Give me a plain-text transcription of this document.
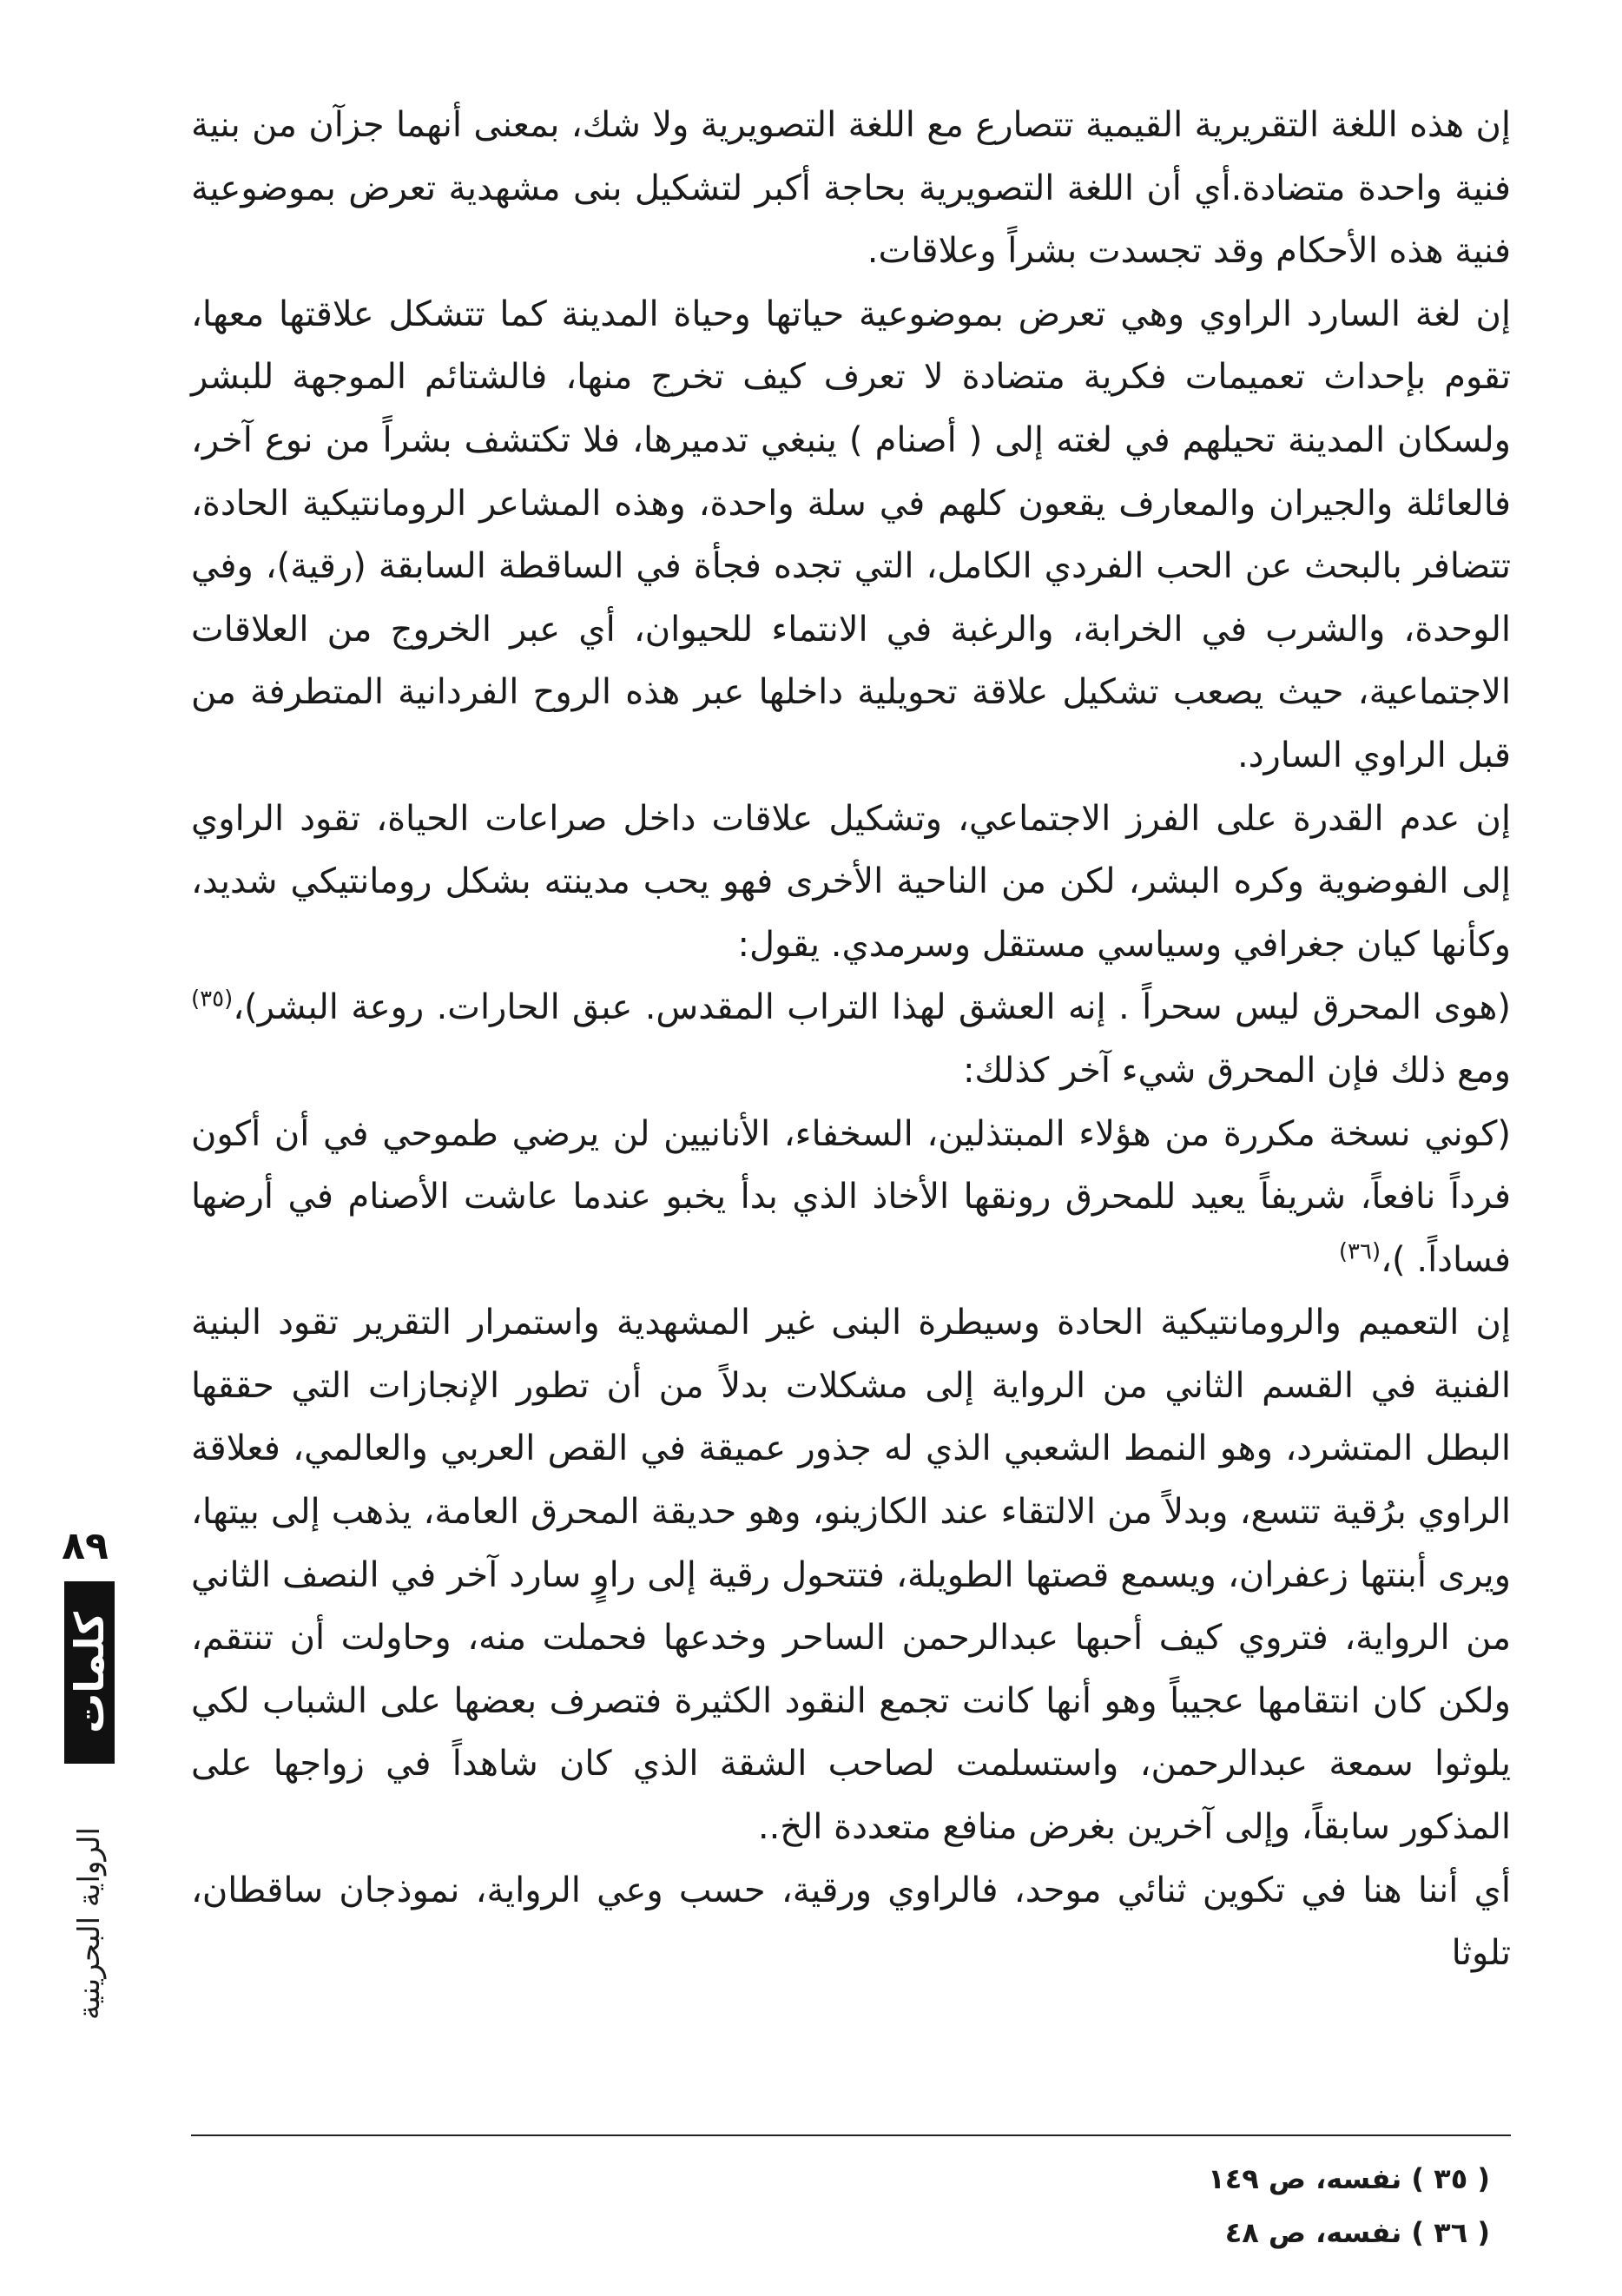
إن هذه اللغة التقريرية القيمية تتصارع مع اللغة التصويرية ولا شك، بمعنى أنهما جزآن من بنية فنية واحدة متضادة.أي أن اللغة التصويرية بحاجة أكبر لتشكيل بنى مشهدية تعرض بموضوعية فنية هذه الأحكام وقد تجسدت بشراً وعلاقات.

إن لغة السارد الراوي وهي تعرض بموضوعية حياتها وحياة المدينة كما تتشكل علاقتها معها، تقوم بإحداث تعميمات فكرية متضادة لا تعرف كيف تخرج منها، فالشتائم الموجهة للبشر ولسكان المدينة تحيلهم في لغته إلى ( أصنام ) ينبغي تدميرها، فلا تكتشف بشراً من نوع آخر، فالعائلة والجيران والمعارف يقعون كلهم في سلة واحدة، وهذه المشاعر الرومانتيكية الحادة، تتضافر بالبحث عن الحب الفردي الكامل، التي تجده فجأة في الساقطة السابقة (رقية)، وفي الوحدة، والشرب في الخرابة، والرغبة في الانتماء للحيوان، أي عبر الخروج من العلاقات الاجتماعية، حيث يصعب تشكيل علاقة تحويلية داخلها عبر هذه الروح الفردانية المتطرفة من قبل الراوي السارد.

إن عدم القدرة على الفرز الاجتماعي، وتشكيل علاقات داخل صراعات الحياة، تقود الراوي إلى الفوضوية وكره البشر، لكن من الناحية الأخرى فهو يحب مدينته بشكل رومانتيكي شديد، وكأنها كيان جغرافي وسياسي مستقل وسرمدي. يقول:

(هوى المحرق ليس سحراً . إنه العشق لهذا التراب المقدس. عبق الحارات. روعة البشر)،$^{(٣٥)}$ ومع ذلك فإن المحرق شيء آخر كذلك:

(كوني نسخة مكررة من هؤلاء المبتذلين، السخفاء، الأنانيين لن يرضي طموحي في أن أكون فرداً نافعاً، شريفاً يعيد للمحرق رونقها الأخاذ الذي بدأ يخبو عندما عاشت الأصنام في أرضها فساداً. )،$^{(٣٦)}$

إن التعميم والرومانتيكية الحادة وسيطرة البنى غير المشهدية واستمرار التقرير تقود البنية الفنية في القسم الثاني من الرواية إلى مشكلات بدلاً من أن تطور الإنجازات التي حققها البطل المتشرد، وهو النمط الشعبي الذي له جذور عميقة في القص العربي والعالمي، فعلاقة الراوي برُقية تتسع، وبدلاً من الالتقاء عند الكازينو، وهو حديقة المحرق العامة، يذهب إلى بيتها، ويرى أبنتها زعفران، ويسمع قصتها الطويلة، فتتحول رقية إلى راوٍ سارد آخر في النصف الثاني من الرواية، فتروي كيف أحبها عبدالرحمن الساحر وخدعها فحملت منه، وحاولت أن تنتقم، ولكن كان انتقامها عجيباً وهو أنها كانت تجمع النقود الكثيرة فتصرف بعضها على الشباب لكي يلوثوا سمعة عبدالرحمن، واستسلمت لصاحب الشقة الذي كان شاهداً في زواجها على المذكور سابقاً، وإلى آخرين بغرض منافع متعددة الخ..

أي أننا هنا في تكوين ثنائي موحد، فالراوي ورقية، حسب وعي الرواية، نموذجان ساقطان، تلوثا

( ٣٥ ) نفسه، ص ١٤٩

( ٣٦ ) نفسه، ص ٤٨

٨٩
كلمات
الرواية البحرينية
